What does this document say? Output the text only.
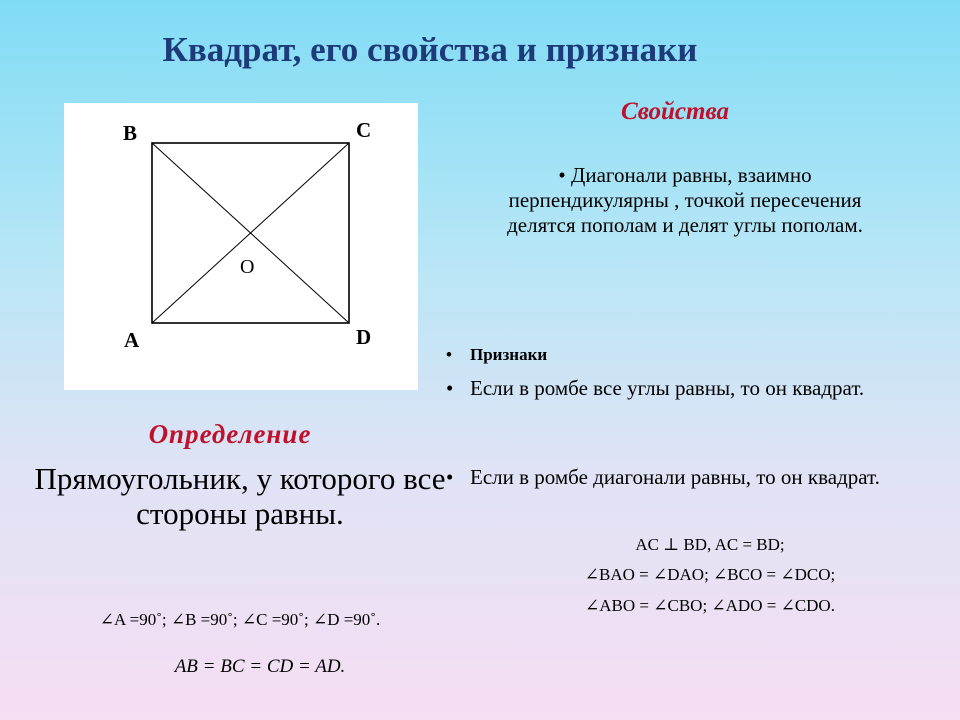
Квадрат, его свойства и признаки
B	C
A	D
O
Свойства
• Диагонали равны, взаимно перпендикулярны , точкой пересечения делятся пополам и делят углы пополам.
• Признаки
• Если в ромбе все углы равны, то он квадрат.
• Если в ромбе диагонали равны, то он квадрат.
Определение
Прямоугольник, у которого все стороны равны.
∠A =90˚; ∠B =90˚; ∠C =90˚; ∠D =90˚.
AB = BC = CD = AD.
AC ⊥ BD, AC = BD;
∠BAO = ∠DAO; ∠BCO = ∠DCO;
∠ABO = ∠CBO; ∠ADO = ∠CDO.
